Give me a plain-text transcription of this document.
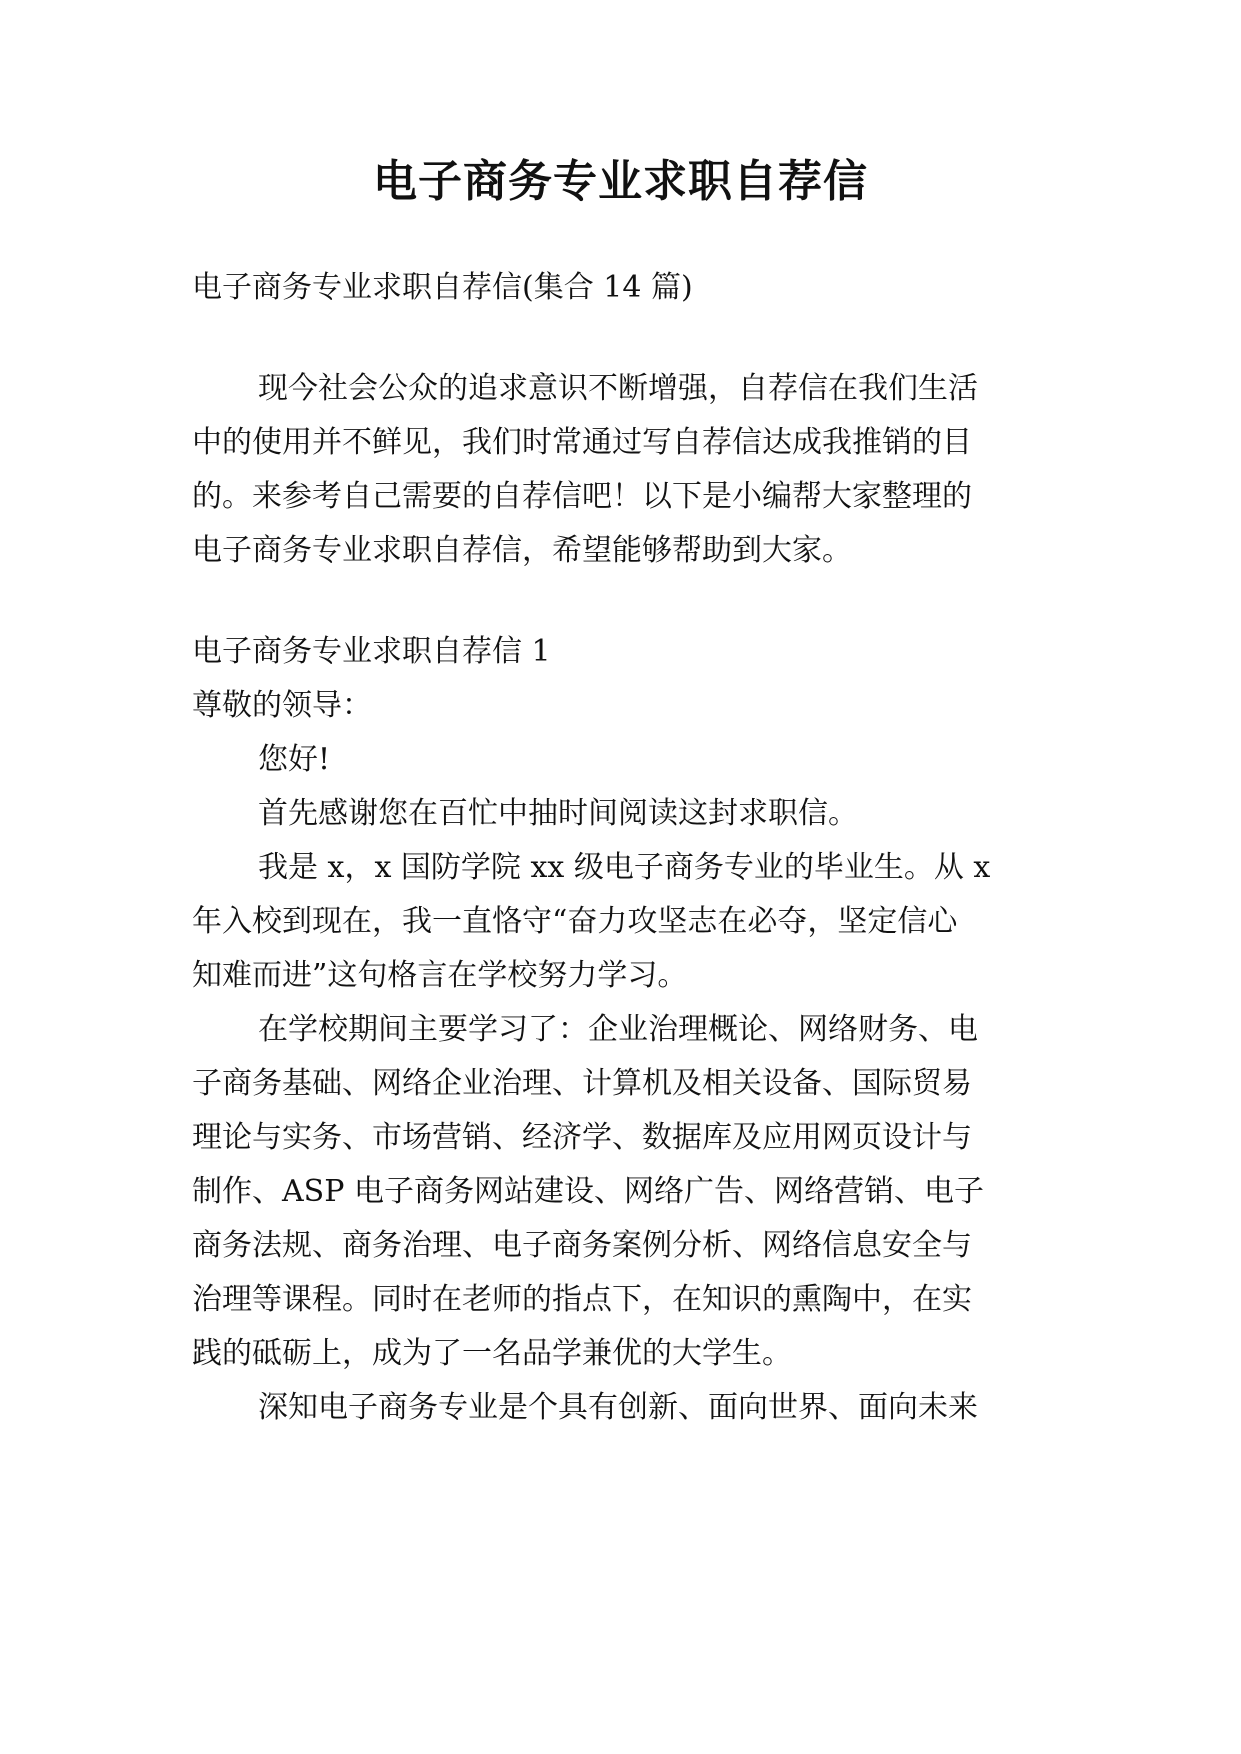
电子商务专业求职自荐信
电子商务专业求职自荐信(集合 14 篇)
现今社会公众的追求意识不断增强，自荐信在我们生活
中的使用并不鲜见，我们时常通过写自荐信达成我推销的目
的。来参考自己需要的自荐信吧！以下是小编帮大家整理的
电子商务专业求职自荐信，希望能够帮助到大家。
电子商务专业求职自荐信 1
尊敬的领导：
您好!
首先感谢您在百忙中抽时间阅读这封求职信。
我是 x，x 国防学院 xx 级电子商务专业的毕业生。从 x
年入校到现在，我一直恪守“奋力攻坚志在必夺，坚定信心
知难而进”这句格言在学校努力学习。
在学校期间主要学习了：企业治理概论、网络财务、电
子商务基础、网络企业治理、计算机及相关设备、国际贸易
理论与实务、市场营销、经济学、数据库及应用网页设计与
制作、ASP 电子商务网站建设、网络广告、网络营销、电子
商务法规、商务治理、电子商务案例分析、网络信息安全与
治理等课程。同时在老师的指点下，在知识的熏陶中，在实
践的砥砺上，成为了一名品学兼优的大学生。
深知电子商务专业是个具有创新、面向世界、面向未来
